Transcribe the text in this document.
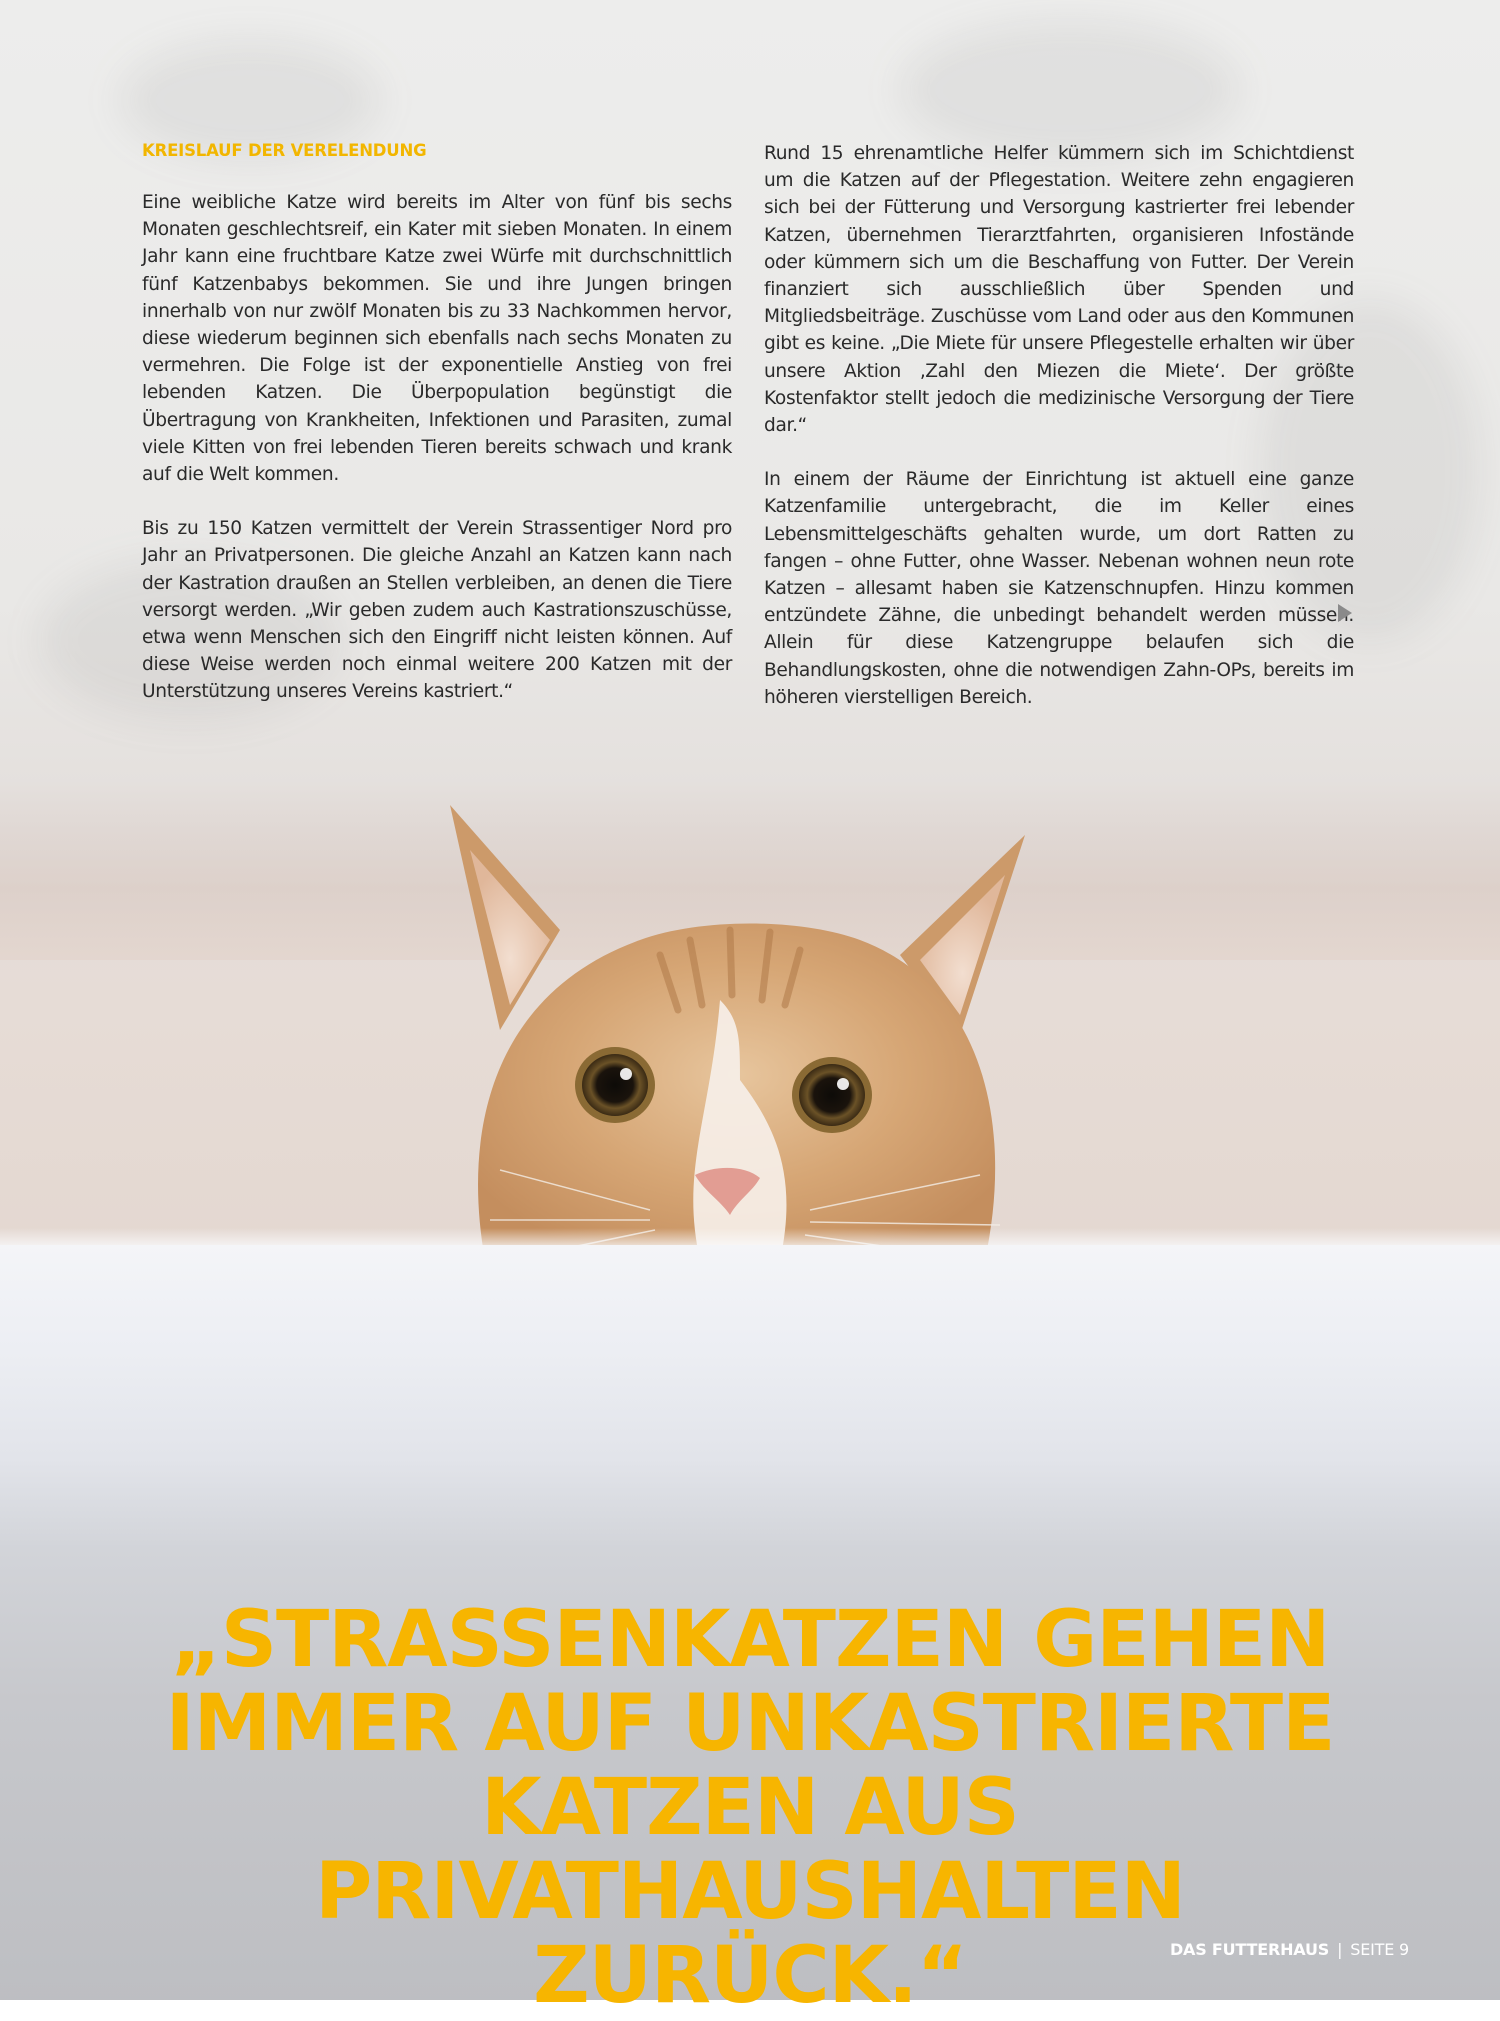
KREISLAUF DER VERELENDUNG

Eine weibliche Katze wird bereits im Alter von fünf bis sechs Monaten geschlechtsreif, ein Kater mit sieben Monaten. In einem Jahr kann eine fruchtbare Katze zwei Würfe mit durchschnittlich fünf Katzenbabys bekommen. Sie und ihre Jungen bringen innerhalb von nur zwölf Monaten bis zu 33 Nachkommen hervor, diese wiederum beginnen sich ebenfalls nach sechs Monaten zu vermehren. Die Folge ist der exponentielle Anstieg von frei lebenden Katzen. Die Überpopulation begünstigt die Übertragung von Krankheiten, Infektionen und Parasiten, zumal viele Kitten von frei lebenden Tieren bereits schwach und krank auf die Welt kommen.

Bis zu 150 Katzen vermittelt der Verein Strassentiger Nord pro Jahr an Privatpersonen. Die gleiche Anzahl an Katzen kann nach der Kastration draußen an Stellen verbleiben, an denen die Tiere versorgt werden. „Wir geben zudem auch Kastrationszuschüsse, etwa wenn Menschen sich den Eingriff nicht leisten können. Auf diese Weise werden noch einmal weitere 200 Katzen mit der Unterstützung unseres Vereins kastriert.“

Rund 15 ehrenamtliche Helfer kümmern sich im Schichtdienst um die Katzen auf der Pflegestation. Weitere zehn engagieren sich bei der Fütterung und Versorgung kastrierter frei lebender Katzen, übernehmen Tierarztfahrten, organisieren Infostände oder kümmern sich um die Beschaffung von Futter. Der Verein finanziert sich ausschließlich über Spenden und Mitgliedsbeiträge. Zuschüsse vom Land oder aus den Kommunen gibt es keine. „Die Miete für unsere Pflegestelle erhalten wir über unsere Aktion ‚Zahl den Miezen die Miete‘. Der größte Kostenfaktor stellt jedoch die medizinische Versorgung der Tiere dar.“

In einem der Räume der Einrichtung ist aktuell eine ganze Katzenfamilie untergebracht, die im Keller eines Lebensmittelgeschäfts gehalten wurde, um dort Ratten zu fangen – ohne Futter, ohne Wasser. Nebenan wohnen neun rote Katzen – allesamt haben sie Katzenschnupfen. Hinzu kommen entzündete Zähne, die unbedingt behandelt werden müssen. Allein für diese Katzengruppe belaufen sich die Behandlungskosten, ohne die notwendigen Zahn-OPs, bereits im höheren vierstelligen Bereich.

„STRASSENKATZEN GEHEN IMMER AUF UNKASTRIERTE KATZEN AUS PRIVATHAUSHALTEN ZURÜCK.“	DAS FUTTERHAUS | SEITE 9
